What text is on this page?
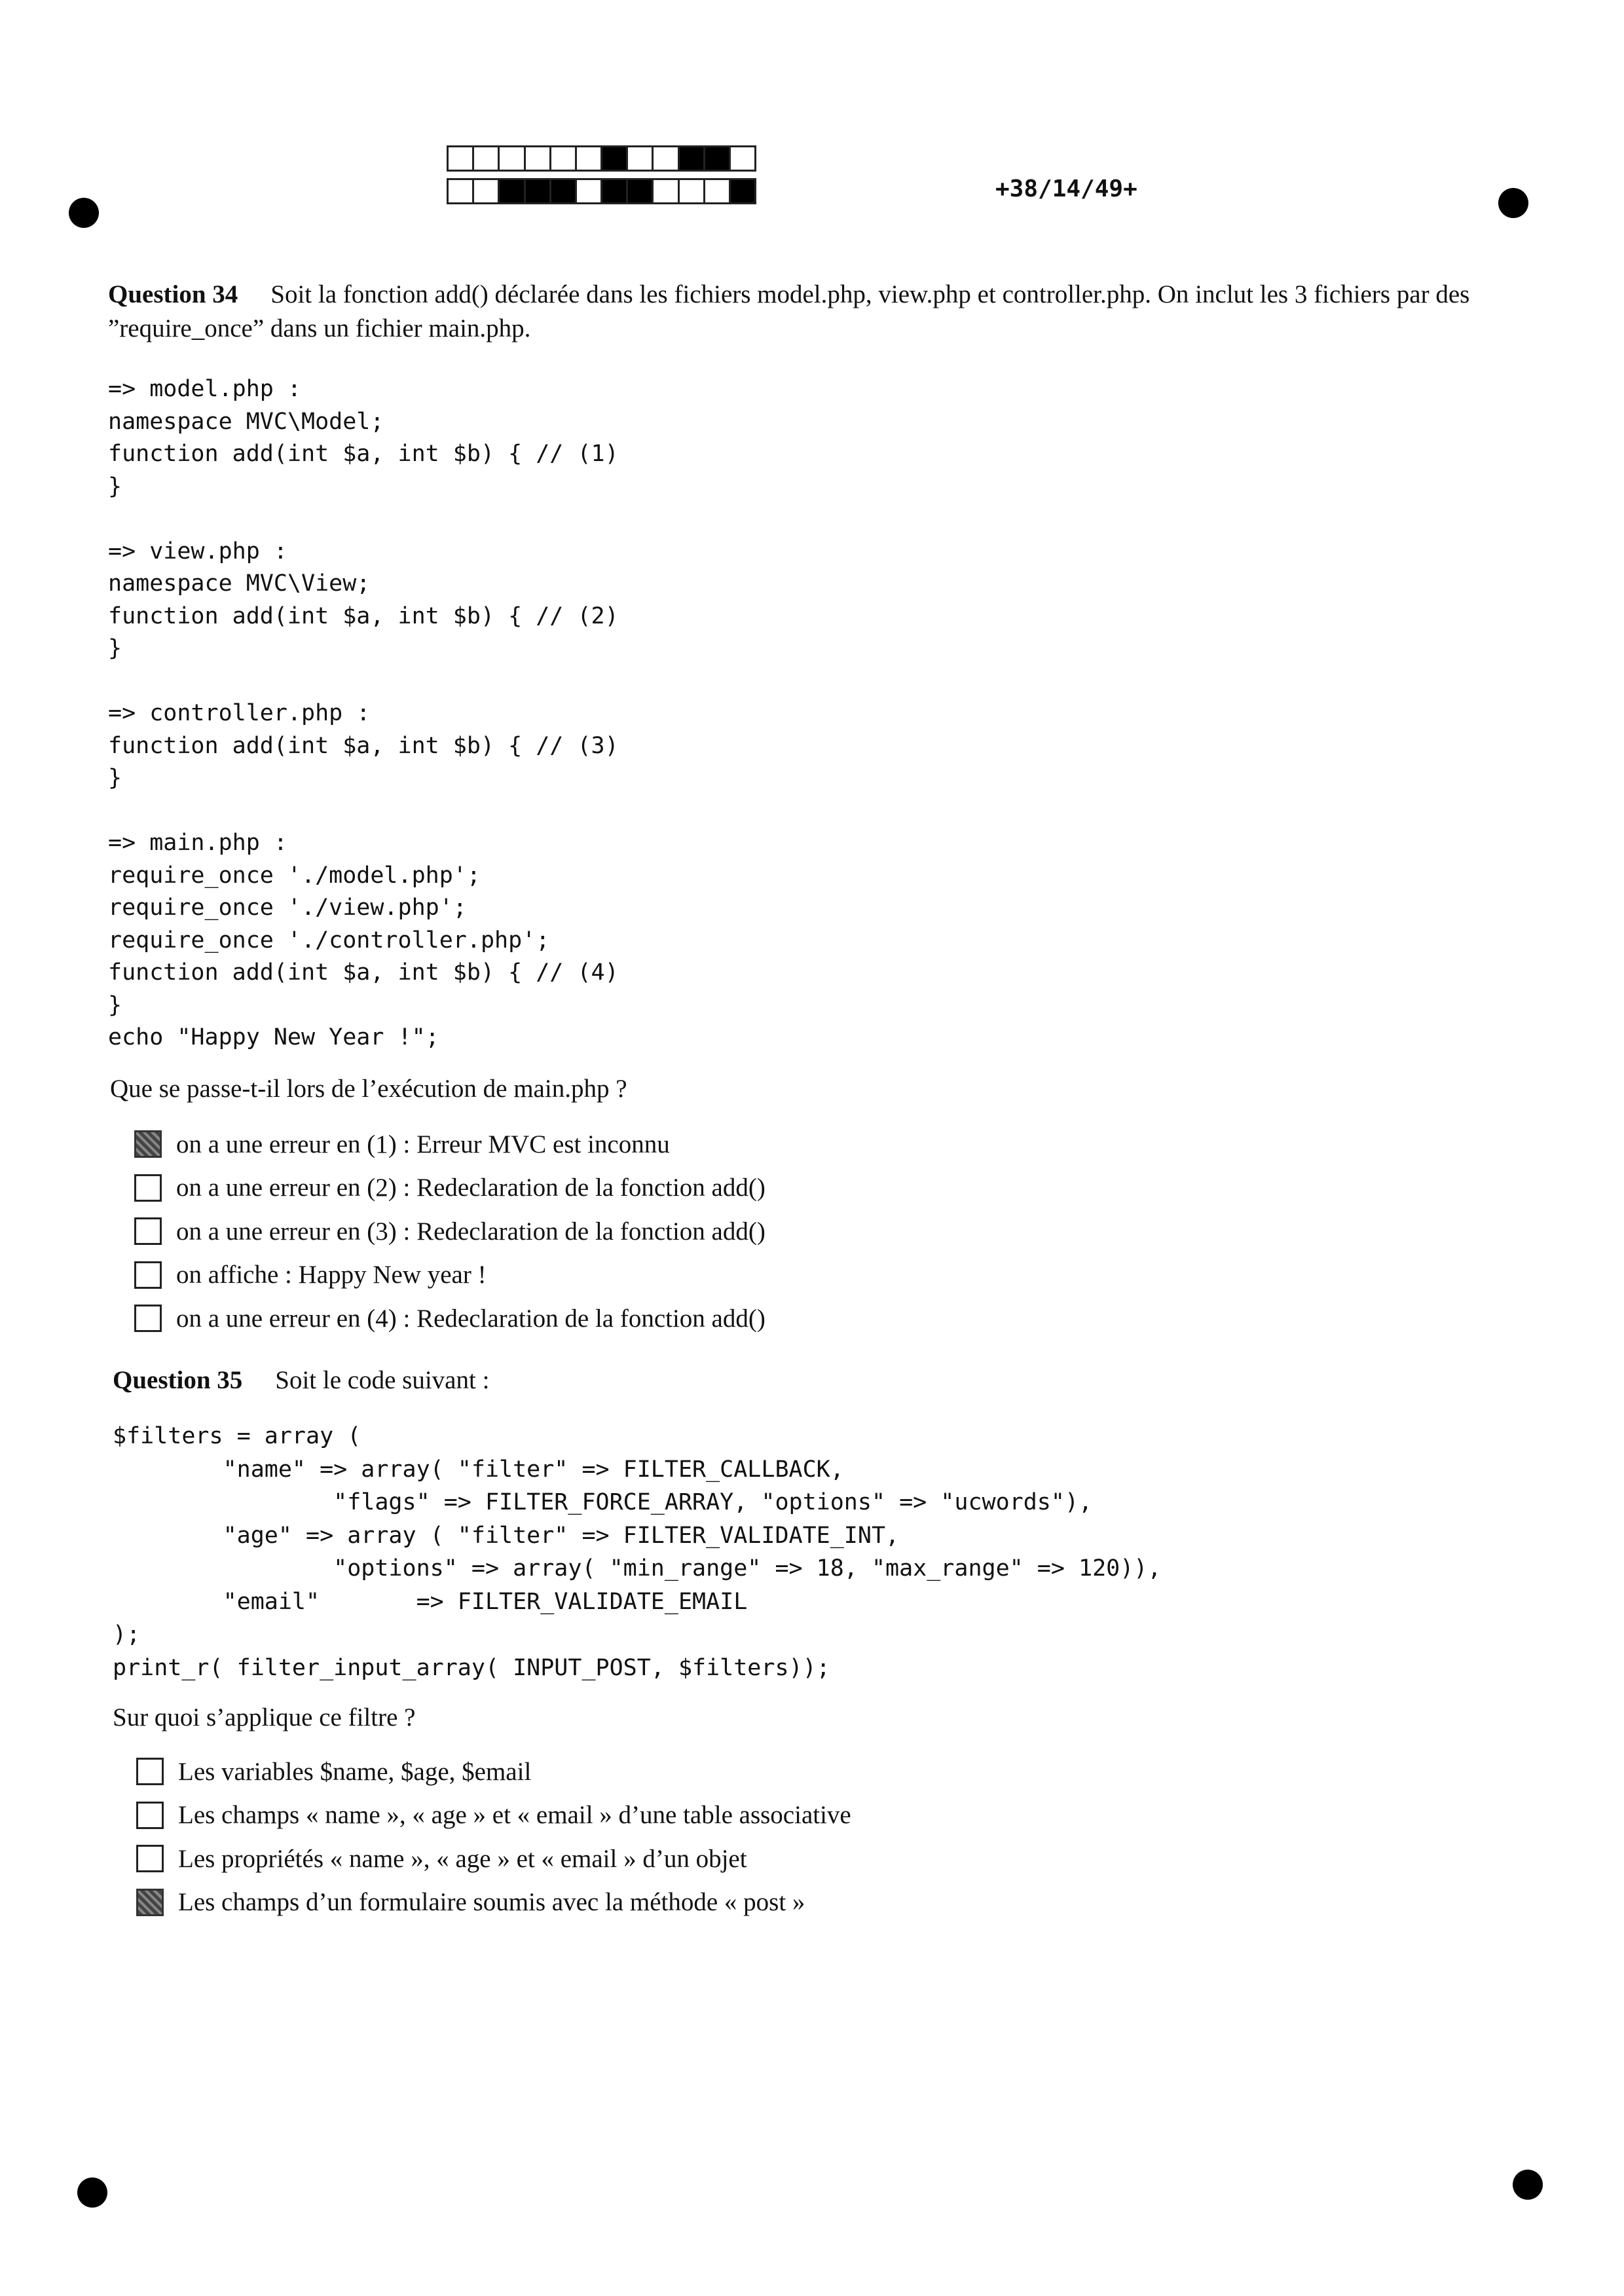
+38/14/49+
Question 34 Soit la fonction add() déclarée dans les fichiers model.php, view.php et controller.php. On inclut les 3 fichiers par des ”require_once” dans un fichier main.php.
=> model.php :
namespace MVC\Model;
function add(int $a, int $b) { // (1)
}

=> view.php :
namespace MVC\View;
function add(int $a, int $b) { // (2)
}

=> controller.php :
function add(int $a, int $b) { // (3)
}

=> main.php :
require_once './model.php';
require_once './view.php';
require_once './controller.php';
function add(int $a, int $b) { // (4)
}
echo "Happy New Year !";
Que se passe-t-il lors de l’exécution de main.php ?
on a une erreur en (1) : Erreur MVC est inconnu
on a une erreur en (2) : Redeclaration de la fonction add()
on a une erreur en (3) : Redeclaration de la fonction add()
on affiche : Happy New year !
on a une erreur en (4) : Redeclaration de la fonction add()
Question 35 Soit le code suivant :
$filters = array (
"name" => array( "filter" => FILTER_CALLBACK,
"flags" => FILTER_FORCE_ARRAY, "options" => "ucwords"),
"age" => array ( "filter" => FILTER_VALIDATE_INT,
"options" => array( "min_range" => 18, "max_range" => 120)),
"email"       => FILTER_VALIDATE_EMAIL
);
print_r( filter_input_array( INPUT_POST, $filters));
Sur quoi s’applique ce filtre ?
Les variables $name, $age, $email
Les champs « name », « age » et « email » d’une table associative
Les propriétés « name », « age » et « email » d’un objet
Les champs d’un formulaire soumis avec la méthode « post »
